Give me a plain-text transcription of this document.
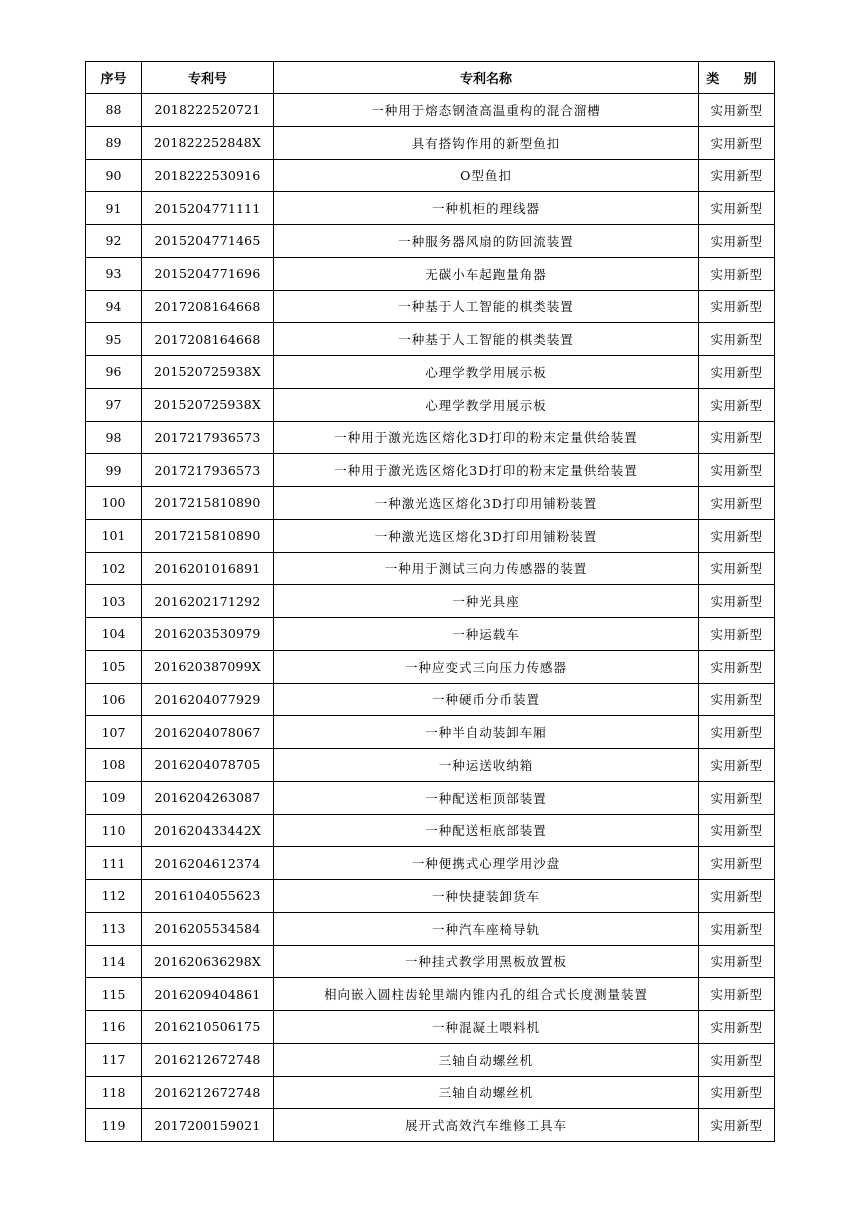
序号	专利号	专利名称	类 别
88	2018222520721	一种用于熔态钢渣高温重构的混合溜槽	实用新型
89	201822252848X	具有搭钩作用的新型鱼扣	实用新型
90	2018222530916	O型鱼扣	实用新型
91	2015204771111	一种机柜的理线器	实用新型
92	2015204771465	一种服务器风扇的防回流装置	实用新型
93	2015204771696	无碳小车起跑量角器	实用新型
94	2017208164668	一种基于人工智能的棋类装置	实用新型
95	2017208164668	一种基于人工智能的棋类装置	实用新型
96	201520725938X	心理学教学用展示板	实用新型
97	201520725938X	心理学教学用展示板	实用新型
98	2017217936573	一种用于激光选区熔化3D打印的粉末定量供给装置	实用新型
99	2017217936573	一种用于激光选区熔化3D打印的粉末定量供给装置	实用新型
100	2017215810890	一种激光选区熔化3D打印用铺粉装置	实用新型
101	2017215810890	一种激光选区熔化3D打印用铺粉装置	实用新型
102	2016201016891	一种用于测试三向力传感器的装置	实用新型
103	2016202171292	一种光具座	实用新型
104	2016203530979	一种运载车	实用新型
105	201620387099X	一种应变式三向压力传感器	实用新型
106	2016204077929	一种硬币分币装置	实用新型
107	2016204078067	一种半自动装卸车厢	实用新型
108	2016204078705	一种运送收纳箱	实用新型
109	2016204263087	一种配送柜顶部装置	实用新型
110	201620433442X	一种配送柜底部装置	实用新型
111	2016204612374	一种便携式心理学用沙盘	实用新型
112	2016104055623	一种快捷装卸货车	实用新型
113	2016205534584	一种汽车座椅导轨	实用新型
114	201620636298X	一种挂式教学用黑板放置板	实用新型
115	2016209404861	相向嵌入圆柱齿轮里端内锥内孔的组合式长度测量装置	实用新型
116	2016210506175	一种混凝土喂料机	实用新型
117	2016212672748	三轴自动螺丝机	实用新型
118	2016212672748	三轴自动螺丝机	实用新型
119	2017200159021	展开式高效汽车维修工具车	实用新型
